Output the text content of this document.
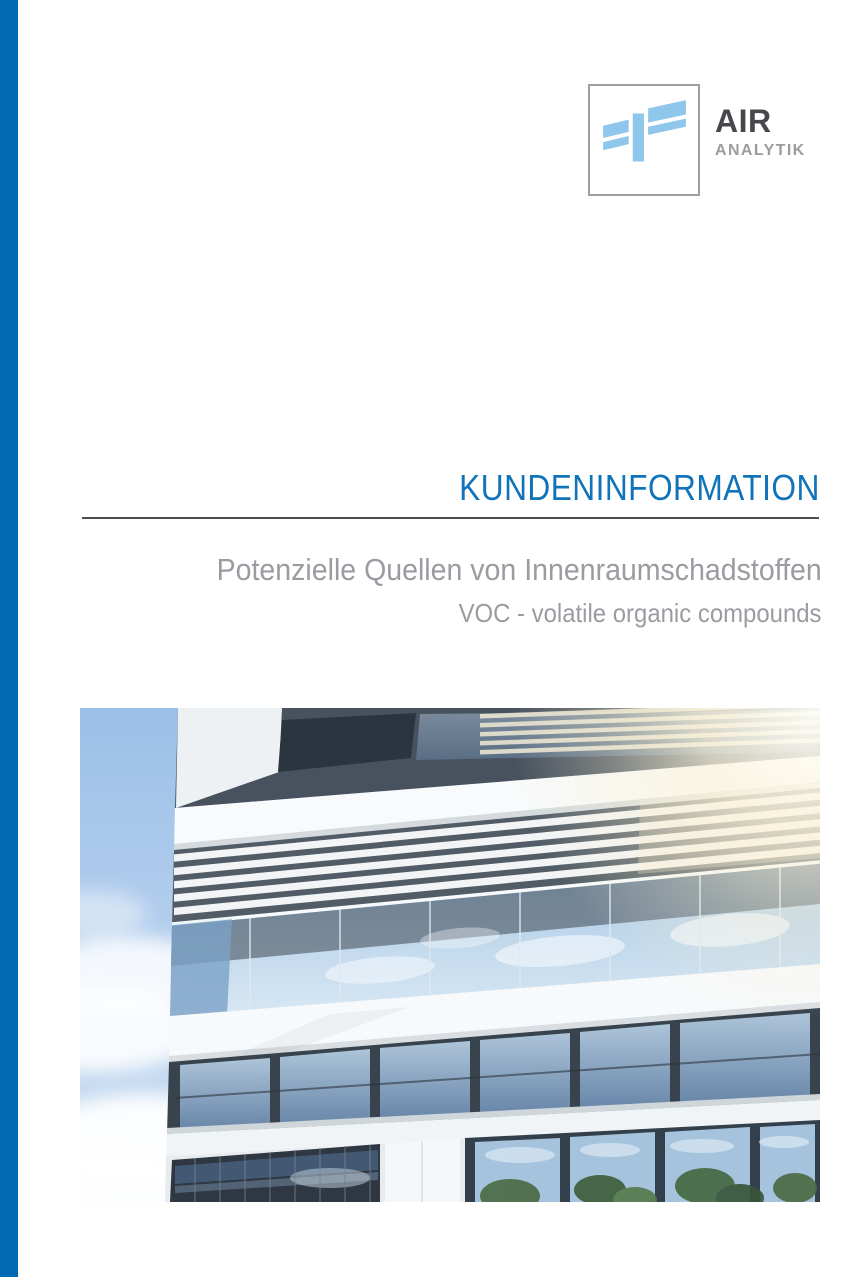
AIR
ANALYTIK
KUNDENINFORMATION
Potenzielle Quellen von Innenraumschadstoffen
VOC - volatile organic compounds
